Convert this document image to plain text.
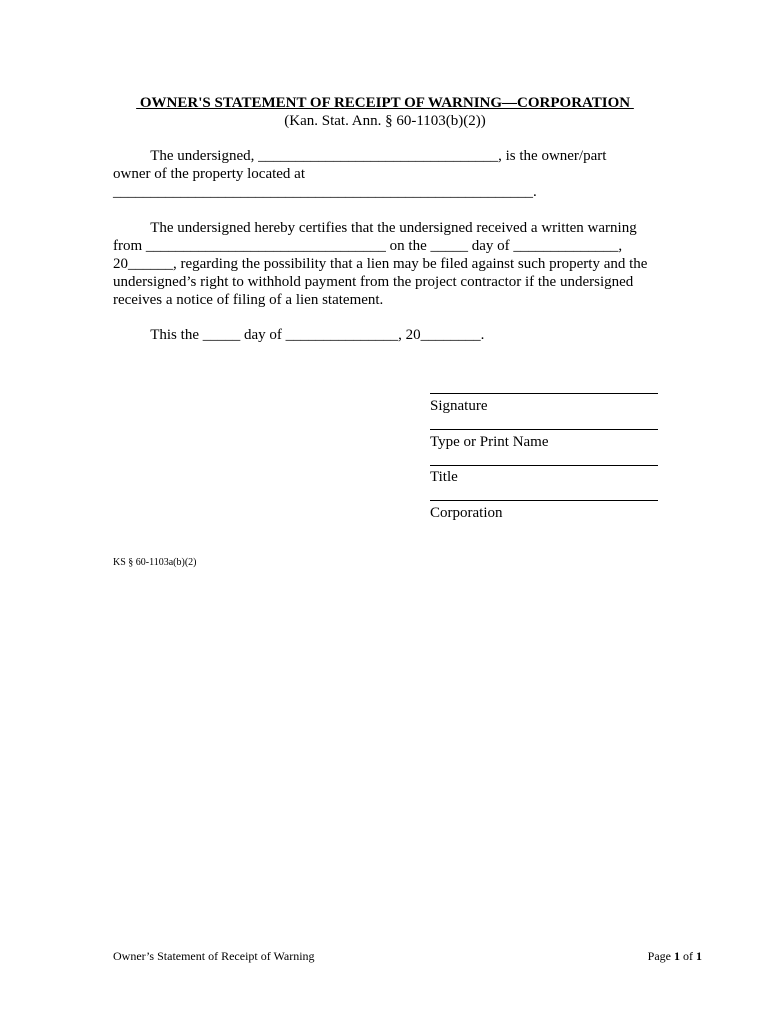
OWNER'S STATEMENT OF RECEIPT OF WARNING—CORPORATION
(Kan. Stat. Ann. § 60-1103(b)(2))
The undersigned, ________________________________, is the owner/part
owner of the property located at
________________________________________________________.
The undersigned hereby certifies that the undersigned received a written warning
from ________________________________ on the _____ day of ______________,
20______, regarding the possibility that a lien may be filed against such property and the
undersigned’s right to withhold payment from the project contractor if the undersigned
receives a notice of filing of a lien statement.
This the _____ day of _______________, 20________.
Signature
Type or Print Name
Title
Corporation
KS § 60-1103a(b)(2)
Owner’s Statement of Receipt of Warning	Page 1 of 1
